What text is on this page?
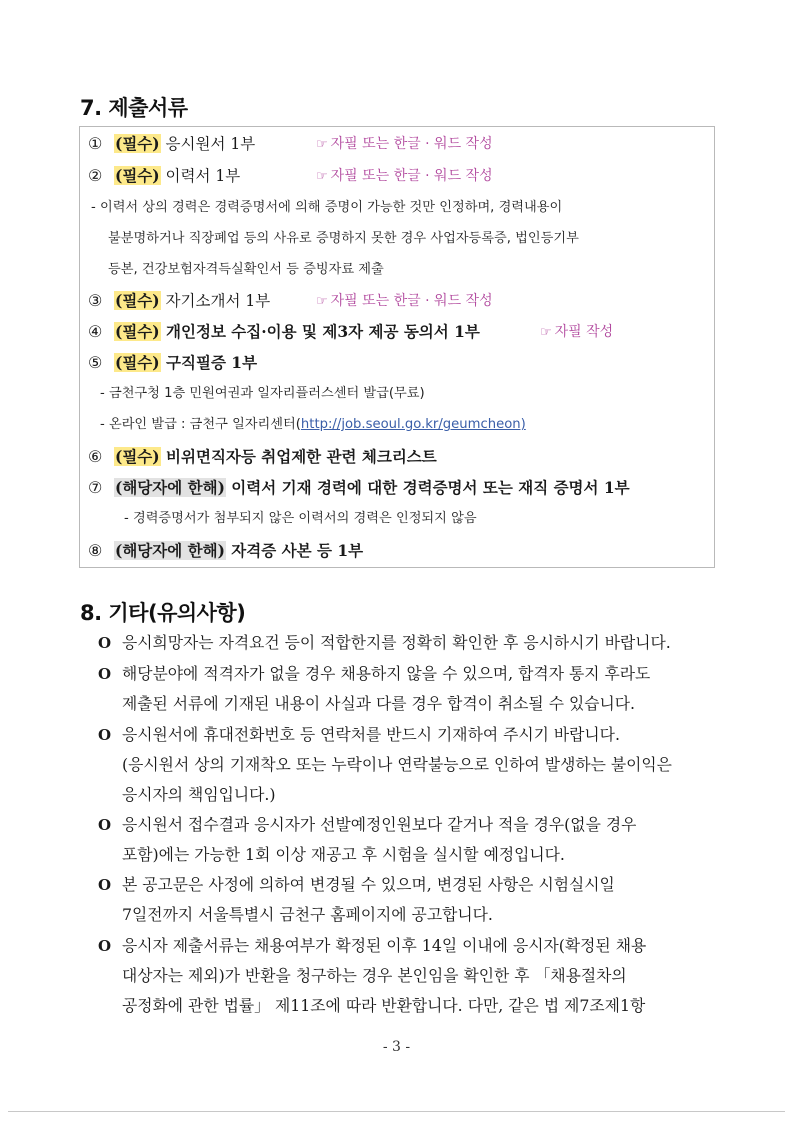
7. 제출서류
① (필수) 응시원서 1부	☞ 자필 또는 한글 · 워드 작성
② (필수) 이력서 1부	☞ 자필 또는 한글 · 워드 작성
- 이력서 상의 경력은 경력증명서에 의해 증명이 가능한 것만 인정하며, 경력내용이
불분명하거나 직장폐업 등의 사유로 증명하지 못한 경우 사업자등록증, 법인등기부
등본, 건강보험자격득실확인서 등 증빙자료 제출
③ (필수) 자기소개서 1부	☞ 자필 또는 한글 · 워드 작성
④ (필수) 개인정보 수집·이용 및 제3자 제공 동의서 1부	☞ 자필 작성
⑤ (필수) 구직필증 1부
- 금천구청 1층 민원여권과 일자리플러스센터 발급(무료)
- 온라인 발급 : 금천구 일자리센터(http://job.seoul.go.kr/geumcheon)
⑥ (필수) 비위면직자등 취업제한 관련 체크리스트
⑦ (해당자에 한해) 이력서 기재 경력에 대한 경력증명서 또는 재직 증명서 1부
- 경력증명서가 첨부되지 않은 이력서의 경력은 인정되지 않음
⑧ (해당자에 한해) 자격증 사본 등 1부
8. 기타(유의사항)
O 응시희망자는 자격요건 등이 적합한지를 정확히 확인한 후 응시하시기 바랍니다.
O 해당분야에 적격자가 없을 경우 채용하지 않을 수 있으며, 합격자 통지 후라도
제출된 서류에 기재된 내용이 사실과 다를 경우 합격이 취소될 수 있습니다.
O 응시원서에 휴대전화번호 등 연락처를 반드시 기재하여 주시기 바랍니다.
(응시원서 상의 기재착오 또는 누락이나 연락불능으로 인하여 발생하는 불이익은
응시자의 책임입니다.)
O 응시원서 접수결과 응시자가 선발예정인원보다 같거나 적을 경우(없을 경우
포함)에는 가능한 1회 이상 재공고 후 시험을 실시할 예정입니다.
O 본 공고문은 사정에 의하여 변경될 수 있으며, 변경된 사항은 시험실시일
7일전까지 서울특별시 금천구 홈페이지에 공고합니다.
O 응시자 제출서류는 채용여부가 확정된 이후 14일 이내에 응시자(확정된 채용
대상자는 제외)가 반환을 청구하는 경우 본인임을 확인한 후 「채용절차의
공정화에 관한 법률」 제11조에 따라 반환합니다. 다만, 같은 법 제7조제1항
- 3 -
